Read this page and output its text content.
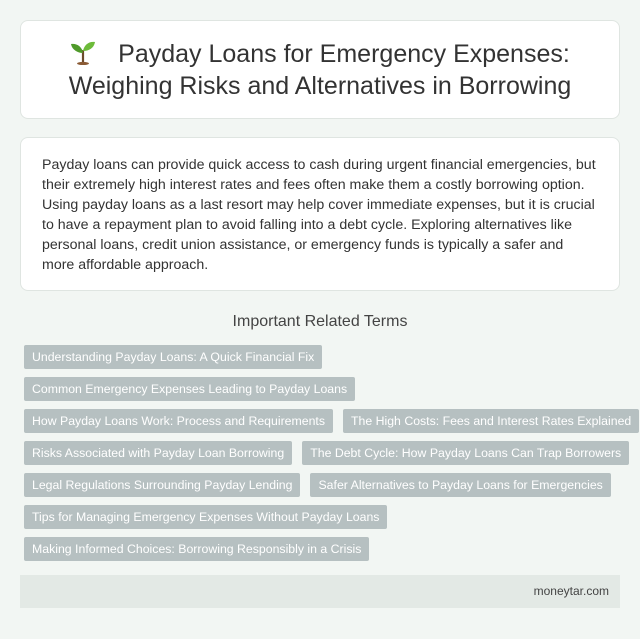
Payday Loans for Emergency Expenses: Weighing Risks and Alternatives in Borrowing

Payday loans can provide quick access to cash during urgent financial emergencies, but their extremely high interest rates and fees often make them a costly borrowing option. Using payday loans as a last resort may help cover immediate expenses, but it is crucial to have a repayment plan to avoid falling into a debt cycle. Exploring alternatives like personal loans, credit union assistance, or emergency funds is typically a safer and more affordable approach.

Important Related Terms
Understanding Payday Loans: A Quick Financial Fix
Common Emergency Expenses Leading to Payday Loans
How Payday Loans Work: Process and Requirements	The High Costs: Fees and Interest Rates Explained
Risks Associated with Payday Loan Borrowing	The Debt Cycle: How Payday Loans Can Trap Borrowers
Legal Regulations Surrounding Payday Lending	Safer Alternatives to Payday Loans for Emergencies
Tips for Managing Emergency Expenses Without Payday Loans
Making Informed Choices: Borrowing Responsibly in a Crisis
moneytar.com
